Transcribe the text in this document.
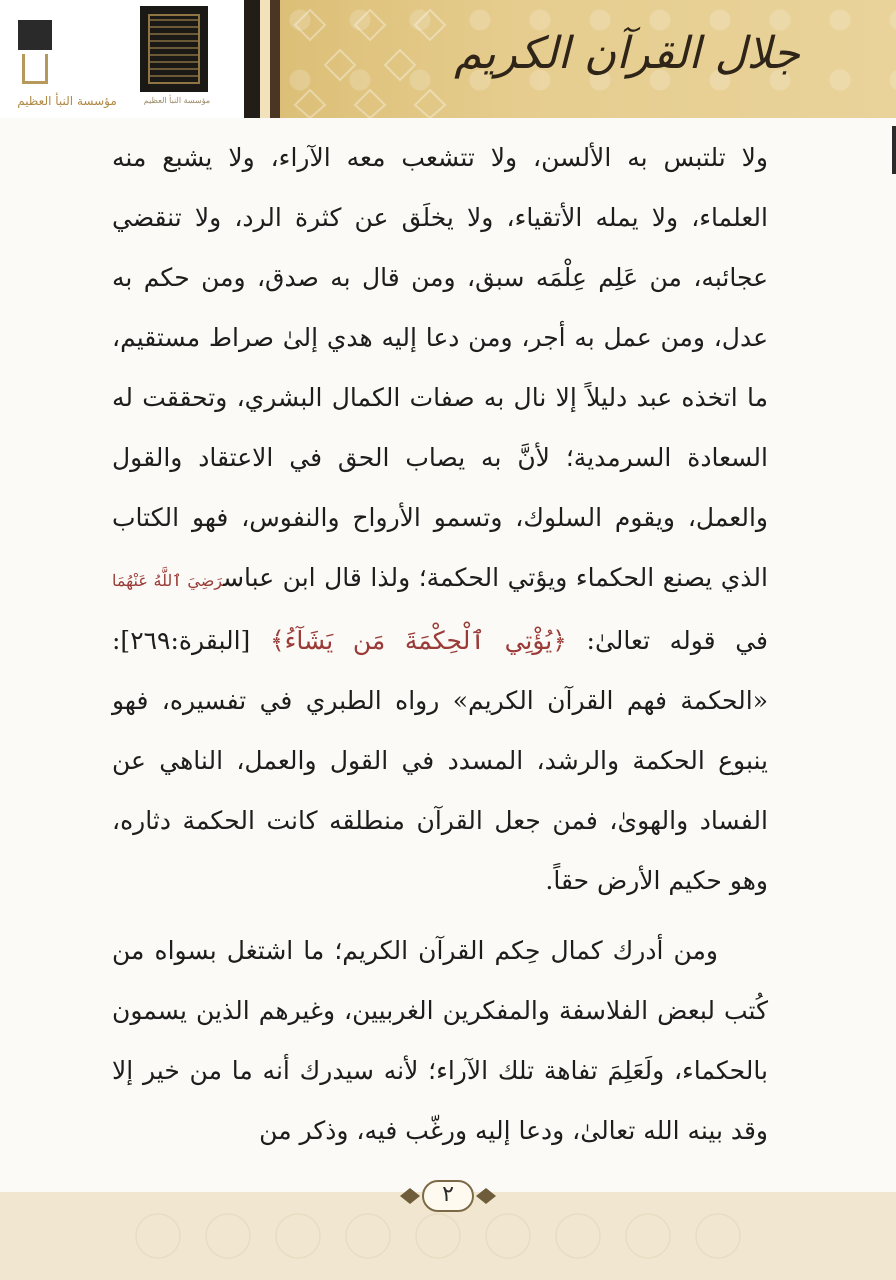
مؤسسة النبأ العظيم	مؤسسة النبأ العظيم
جلال القرآن الكريم

ولا تلتبس به الألسن، ولا تتشعب معه الآراء، ولا يشبع منه العلماء، ولا يمله الأتقياء، ولا يخلَق عن كثرة الرد، ولا تنقضي عجائبه، من عَلِم عِلْمَه سبق، ومن قال به صدق، ومن حكم به عدل، ومن عمل به أجر، ومن دعا إليه هدي إلىٰ صراط مستقيم، ما اتخذه عبد دليلاً إلا نال به صفات الكمال البشري، وتحققت له السعادة السرمدية؛ لأنَّ به يصاب الحق في الاعتقاد والقول والعمل، ويقوم السلوك، وتسمو الأرواح والنفوس، فهو الكتاب الذي يصنع الحكماء ويؤتي الحكمة؛ ولذا قال ابن عباسرَضِيَ ٱللَّهُ عَنْهُمَا في قوله تعالىٰ: ﴿يُؤْتِي ٱلْحِكْمَةَ مَن يَشَآءُ﴾ [البقرة:٢٦٩]: «الحكمة فهم القرآن الكريم» رواه الطبري في تفسيره، فهو ينبوع الحكمة والرشد، المسدد في القول والعمل، الناهي عن الفساد والهوىٰ، فمن جعل القرآن منطلقه كانت الحكمة دثاره، وهو حكيم الأرض حقاً.

ومن أدرك كمال حِكم القرآن الكريم؛ ما اشتغل بسواه من كُتب لبعض الفلاسفة والمفكرين الغربيين، وغيرهم الذين يسمون بالحكماء، ولَعَلِمَ تفاهة تلك الآراء؛ لأنه سيدرك أنه ما من خير إلا وقد بينه الله تعالىٰ، ودعا إليه ورغّب فيه، وذكر من

٢
